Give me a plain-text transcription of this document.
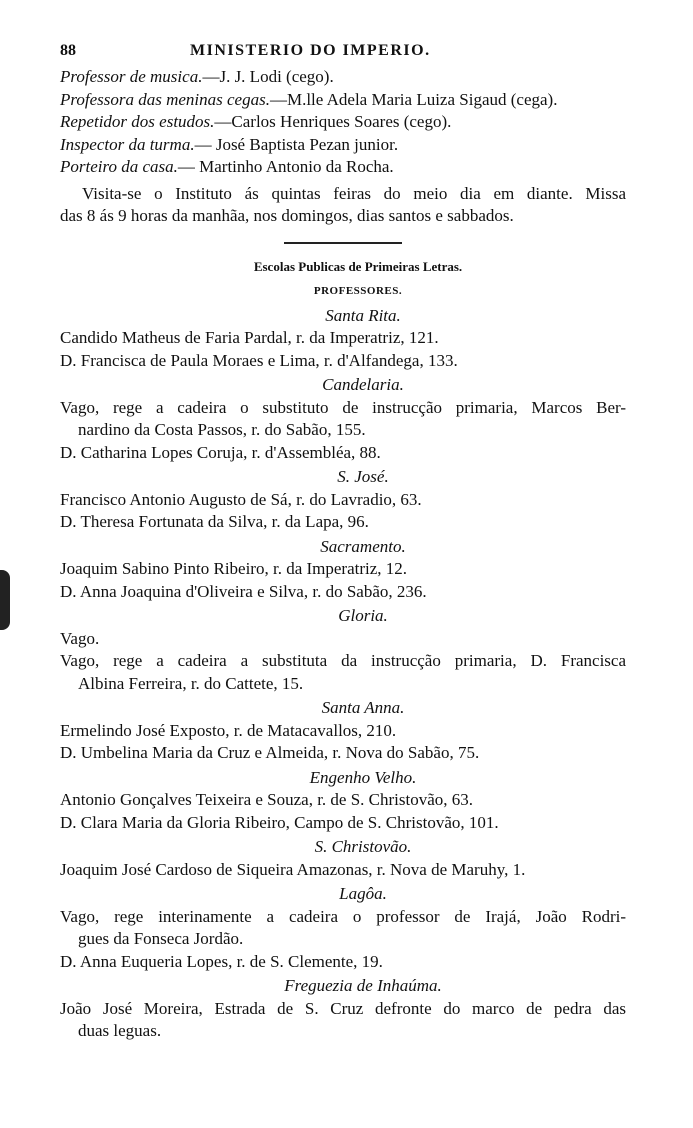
88	MINISTERIO DO IMPERIO.
Professor de musica.—J. J. Lodi (cego).
Professora das meninas cegas.—M.lle Adela Maria Luiza Sigaud (cega).
Repetidor dos estudos.—Carlos Henriques Soares (cego).
Inspector da turma.— José Baptista Pezan junior.
Porteiro da casa.— Martinho Antonio da Rocha.
Visita-se o Instituto ás quintas feiras do meio dia em diante. Missa
das 8 ás 9 horas da manhãa, nos domingos, dias santos e sabbados.
Escolas Publicas de Primeiras Letras.
PROFESSORES.
Santa Rita.
Candido Matheus de Faria Pardal, r. da Imperatriz, 121.
D. Francisca de Paula Moraes e Lima, r. d'Alfandega, 133.
Candelaria.
Vago, rege a cadeira o substituto de instrucção primaria, Marcos Ber-
nardino da Costa Passos, r. do Sabão, 155.
D. Catharina Lopes Coruja, r. d'Assembléa, 88.
S. José.
Francisco Antonio Augusto de Sá, r. do Lavradio, 63.
D. Theresa Fortunata da Silva, r. da Lapa, 96.
Sacramento.
Joaquim Sabino Pinto Ribeiro, r. da Imperatriz, 12.
D. Anna Joaquina d'Oliveira e Silva, r. do Sabão, 236.
Gloria.
Vago.
Vago, rege a cadeira a substituta da instrucção primaria, D. Francisca
Albina Ferreira, r. do Cattete, 15.
Santa Anna.
Ermelindo José Exposto, r. de Matacavallos, 210.
D. Umbelina Maria da Cruz e Almeida, r. Nova do Sabão, 75.
Engenho Velho.
Antonio Gonçalves Teixeira e Souza, r. de S. Christovão, 63.
D. Clara Maria da Gloria Ribeiro, Campo de S. Christovão, 101.
S. Christovão.
Joaquim José Cardoso de Siqueira Amazonas, r. Nova de Maruhy, 1.
Lagôa.
Vago, rege interinamente a cadeira o professor de Irajá, João Rodri-
gues da Fonseca Jordão.
D. Anna Euqueria Lopes, r. de S. Clemente, 19.
Freguezia de Inhaúma.
João José Moreira, Estrada de S. Cruz defronte do marco de pedra das
duas leguas.
